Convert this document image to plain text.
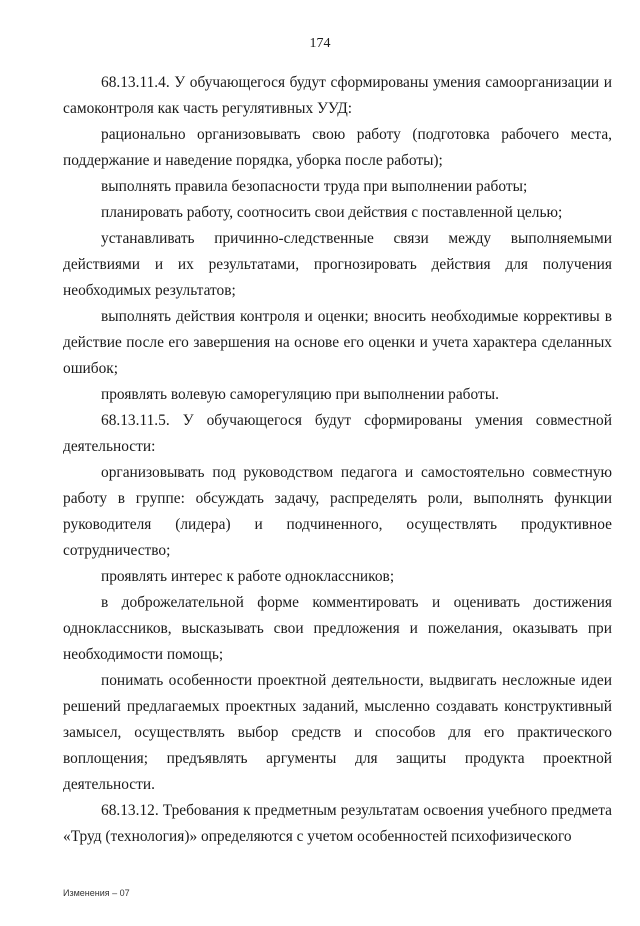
174

68.13.11.4. У обучающегося будут сформированы умения самоорганизации и самоконтроля как часть регулятивных УУД:

рационально организовывать свою работу (подготовка рабочего места, поддержание и наведение порядка, уборка после работы);

выполнять правила безопасности труда при выполнении работы;

планировать работу, соотносить свои действия с поставленной целью;

устанавливать причинно-следственные связи между выполняемыми действиями и их результатами, прогнозировать действия для получения необходимых результатов;

выполнять действия контроля и оценки; вносить необходимые коррективы в действие после его завершения на основе его оценки и учета характера сделанных ошибок;

проявлять волевую саморегуляцию при выполнении работы.

68.13.11.5. У обучающегося будут сформированы умения совместной деятельности:

организовывать под руководством педагога и самостоятельно совместную работу в группе: обсуждать задачу, распределять роли, выполнять функции руководителя (лидера) и подчиненного, осуществлять продуктивное сотрудничество;

проявлять интерес к работе одноклассников;

в доброжелательной форме комментировать и оценивать достижения одноклассников, высказывать свои предложения и пожелания, оказывать при необходимости помощь;

понимать особенности проектной деятельности, выдвигать несложные идеи решений предлагаемых проектных заданий, мысленно создавать конструктивный замысел, осуществлять выбор средств и способов для его практического воплощения; предъявлять аргументы для защиты продукта проектной деятельности.

68.13.12. Требования к предметным результатам освоения учебного предмета «Труд (технология)» определяются с учетом особенностей психофизического

Изменения – 07
